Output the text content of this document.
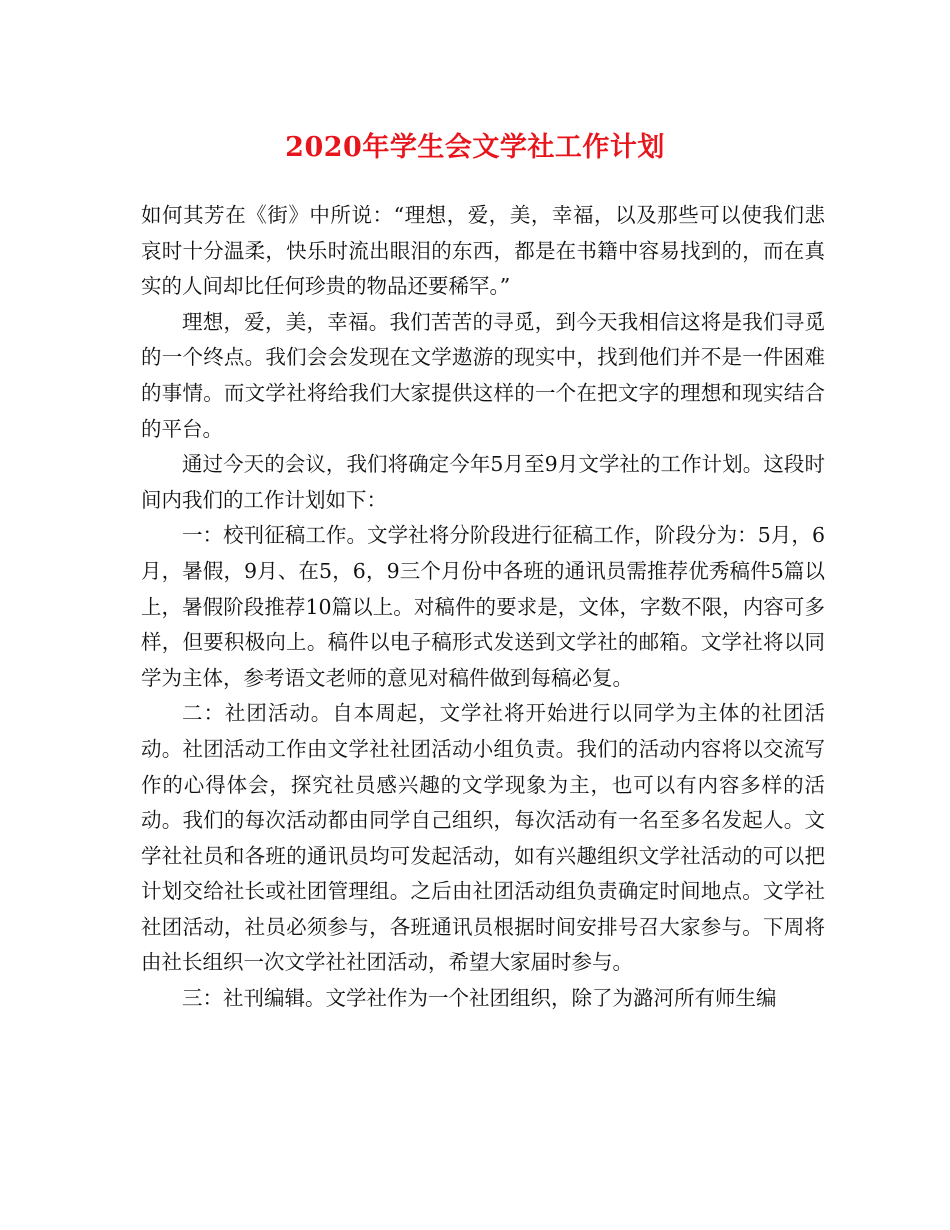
2020年学生会文学社工作计划

如何其芳在《街》中所说：“理想，爱，美，幸福，以及那些可以使我们悲哀时十分温柔，快乐时流出眼泪的东西，都是在书籍中容易找到的，而在真实的人间却比任何珍贵的物品还要稀罕。”

理想，爱，美，幸福。我们苦苦的寻觅，到今天我相信这将是我们寻觅的一个终点。我们会会发现在文学遨游的现实中，找到他们并不是一件困难的事情。而文学社将给我们大家提供这样的一个在把文字的理想和现实结合的平台。

通过今天的会议，我们将确定今年5月至9月文学社的工作计划。这段时间内我们的工作计划如下：

一：校刊征稿工作。文学社将分阶段进行征稿工作，阶段分为：5月，6月，暑假，9月、在5，6，9三个月份中各班的通讯员需推荐优秀稿件5篇以上，暑假阶段推荐10篇以上。对稿件的要求是，文体，字数不限，内容可多样，但要积极向上。稿件以电子稿形式发送到文学社的邮箱。文学社将以同学为主体，参考语文老师的意见对稿件做到每稿必复。

二：社团活动。自本周起，文学社将开始进行以同学为主体的社团活动。社团活动工作由文学社社团活动小组负责。我们的活动内容将以交流写作的心得体会，探究社员感兴趣的文学现象为主，也可以有内容多样的活动。我们的每次活动都由同学自己组织，每次活动有一名至多名发起人。文学社社员和各班的通讯员均可发起活动，如有兴趣组织文学社活动的可以把计划交给社长或社团管理组。之后由社团活动组负责确定时间地点。文学社社团活动，社员必须参与，各班通讯员根据时间安排号召大家参与。下周将由社长组织一次文学社社团活动，希望大家届时参与。

三：社刊编辑。文学社作为一个社团组织，除了为潞河所有师生编
